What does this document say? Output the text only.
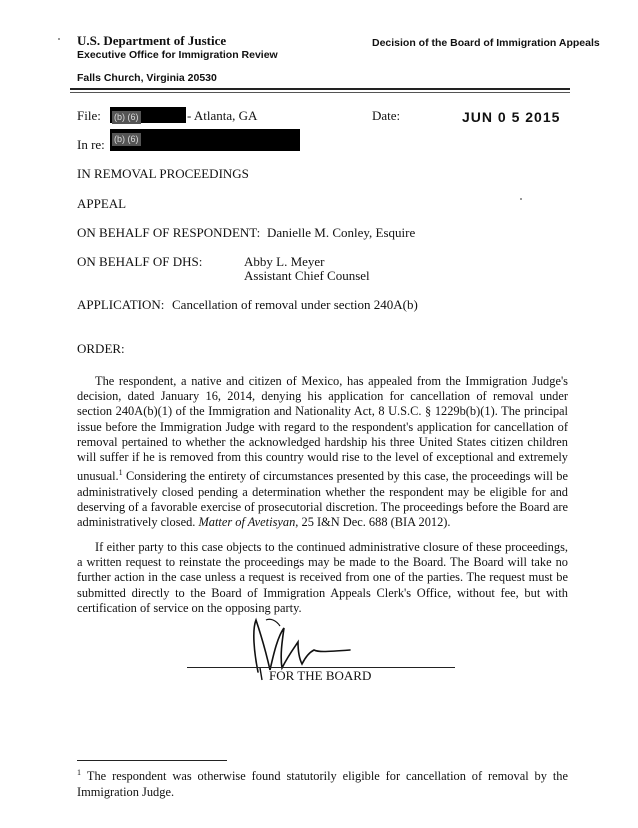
U.S. Department of Justice
Executive Office for Immigration Review
Decision of the Board of Immigration Appeals
Falls Church, Virginia 20530
File:	(b) (6)	- Atlanta, GA	Date:	JUN 0 5 2015
In re:	(b) (6)
IN REMOVAL PROCEEDINGS
APPEAL
ON BEHALF OF RESPONDENT: Danielle M. Conley, Esquire
ON BEHALF OF DHS:	Abby L. Meyer
Assistant Chief Counsel
APPLICATION: Cancellation of removal under section 240A(b)
ORDER:
The respondent, a native and citizen of Mexico, has appealed from the Immigration Judge's decision, dated January 16, 2014, denying his application for cancellation of removal under section 240A(b)(1) of the Immigration and Nationality Act, 8 U.S.C. § 1229b(b)(1). The principal issue before the Immigration Judge with regard to the respondent's application for cancellation of removal pertained to whether the acknowledged hardship his three United States citizen children will suffer if he is removed from this country would rise to the level of exceptional and extremely unusual.$^1$ Considering the entirety of circumstances presented by this case, the proceedings will be administratively closed pending a determination whether the respondent may be eligible for and deserving of a favorable exercise of prosecutorial discretion. The proceedings before the Board are administratively closed. Matter of Avetisyan, 25 I&N Dec. 688 (BIA 2012).
If either party to this case objects to the continued administrative closure of these proceedings, a written request to reinstate the proceedings may be made to the Board. The Board will take no further action in the case unless a request is received from one of the parties. The request must be submitted directly to the Board of Immigration Appeals Clerk's Office, without fee, but with certification of service on the opposing party.
FOR THE BOARD
$^1$ The respondent was otherwise found statutorily eligible for cancellation of removal by the Immigration Judge.
